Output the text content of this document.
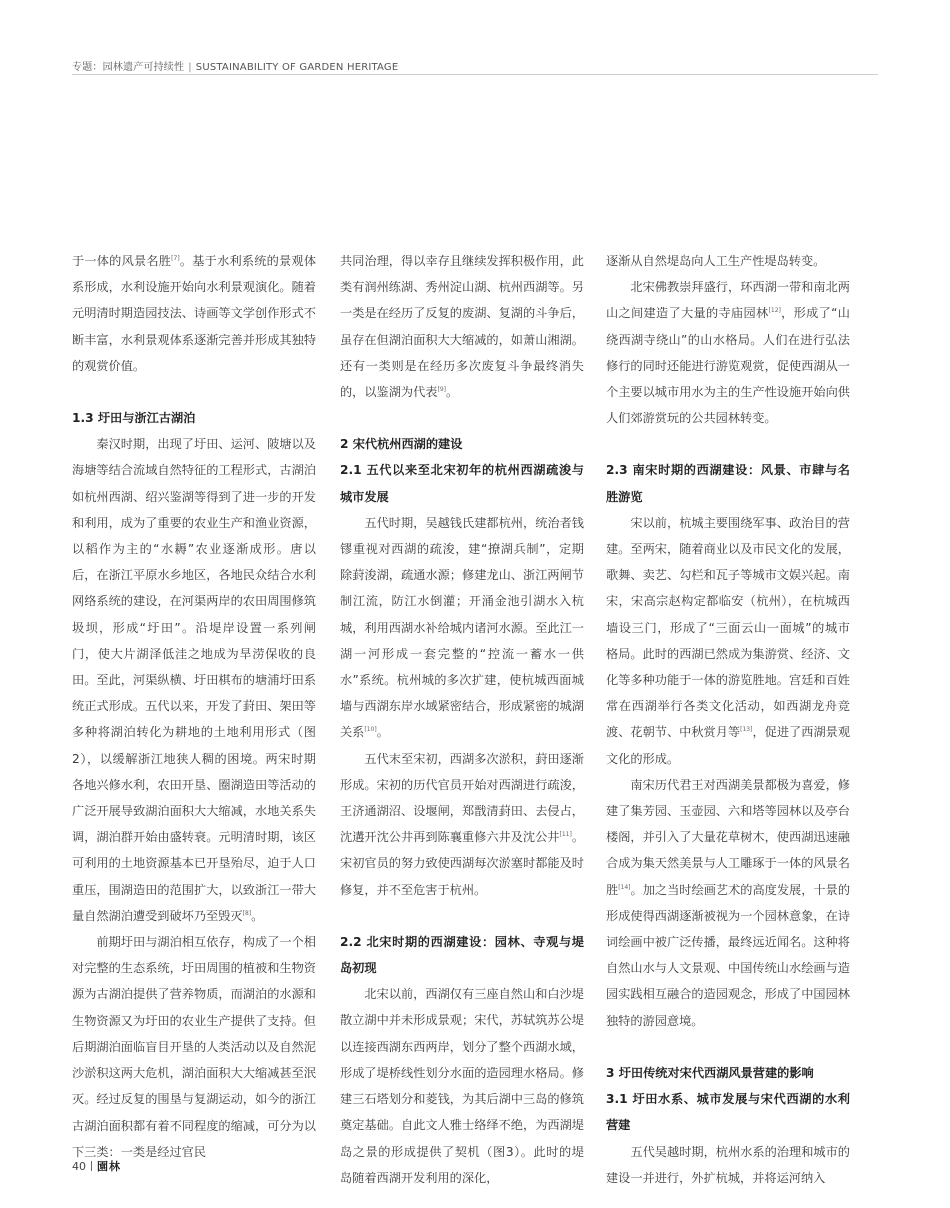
专题：园林遗产可持续性 | SUSTAINABILITY OF GARDEN HERITAGE

于一体的风景名胜[7]。基于水利系统的景观体系形成，水利设施开始向水利景观演化。随着元明清时期造园技法、诗画等文学创作形式不断丰富，水利景观体系逐渐完善并形成其独特的观赏价值。

1.3 圩田与浙江古湖泊

秦汉时期，出现了圩田、运河、陂塘以及海塘等结合流域自然特征的工程形式，古湖泊如杭州西湖、绍兴鉴湖等得到了进一步的开发和利用，成为了重要的农业生产和渔业资源，以稻作为主的“水耨”农业逐渐成形。唐以后，在浙江平原水乡地区，各地民众结合水利网络系统的建设，在河渠两岸的农田周围修筑圾坝，形成“圩田”。沿堤岸设置一系列闸门，使大片湖泽低洼之地成为旱涝保收的良田。至此，河渠纵横、圩田棋布的塘浦圩田系统正式形成。五代以来，开发了葑田、架田等多种将湖泊转化为耕地的土地利用形式（图2），以缓解浙江地狭人稠的困境。两宋时期各地兴修水利，农田开垦、圈湖造田等活动的广泛开展导致湖泊面积大大缩减，水地关系失调，湖泊群开始由盛转衰。元明清时期，该区可利用的土地资源基本已开垦殆尽，迫于人口重压，围湖造田的范围扩大，以致浙江一带大量自然湖泊遭受到破坏乃至毁灭[8]。

前期圩田与湖泊相互依存，构成了一个相对完整的生态系统，圩田周围的植被和生物资源为古湖泊提供了营养物质，而湖泊的水源和生物资源又为圩田的农业生产提供了支持。但后期湖泊面临盲目开垦的人类活动以及自然泥沙淤积这两大危机，湖泊面积大大缩减甚至泯灭。经过反复的围垦与复湖运动，如今的浙江古湖泊面积都有着不同程度的缩减，可分为以下三类：一类是经过官民

共同治理，得以幸存且继续发挥积极作用，此类有润州练湖、秀州淀山湖、杭州西湖等。另一类是在经历了反复的废湖、复湖的斗争后，虽存在但湖泊面积大大缩减的，如萧山湘湖。还有一类则是在经历多次废复斗争最终消失的，以鉴湖为代表[9]。

2 宋代杭州西湖的建设
2.1 五代以来至北宋初年的杭州西湖疏浚与城市发展

五代时期，吴越钱氏建都杭州，统治者钱镠重视对西湖的疏浚，建“撩湖兵制”，定期除葑浚湖，疏通水源；修建龙山、浙江两闸节制江流，防江水倒灌；开涌金池引湖水入杭城，利用西湖水补给城内诸河水源。至此江一湖一河形成一套完整的“控流一蓄水一供水”系统。杭州城的多次扩建，使杭城西面城墙与西湖东岸水域紧密结合，形成紧密的城湖关系[10]。

五代末至宋初，西湖多次淤积，葑田逐渐形成。宋初的历代官员开始对西湖进行疏浚，王济通湖沼、设堰闸，郑戬清葑田、去侵占，沈遘开沈公井再到陈襄重修六井及沈公井[11]。宋初官员的努力致使西湖每次淤塞时都能及时修复，并不至危害于杭州。

2.2 北宋时期的西湖建设：园林、寺观与堤岛初现

北宋以前，西湖仅有三座自然山和白沙堤散立湖中并未形成景观；宋代，苏轼筑苏公堤以连接西湖东西两岸，划分了整个西湖水域，形成了堤桥线性划分水面的造园理水格局。修建三石塔划分和菱钱，为其后湖中三岛的修筑奠定基础。自此文人雅士络绎不绝，为西湖堤岛之景的形成提供了契机（图3）。此时的堤岛随着西湖开发利用的深化，

逐渐从自然堤岛向人工生产性堤岛转变。

北宋佛教崇拜盛行，环西湖一带和南北两山之间建造了大量的寺庙园林[12]，形成了“山绕西湖寺绕山”的山水格局。人们在进行弘法修行的同时还能进行游览观赏，促使西湖从一个主要以城市用水为主的生产性设施开始向供人们郊游赏玩的公共园林转变。

2.3 南宋时期的西湖建设：风景、市肆与名胜游览

宋以前，杭城主要围绕军事、政治目的营建。至两宋，随着商业以及市民文化的发展，歌舞、卖艺、勾栏和瓦子等城市文娱兴起。南宋，宋高宗赵构定都临安（杭州），在杭城西墙设三门，形成了“三面云山一面城”的城市格局。此时的西湖已然成为集游赏、经济、文化等多种功能于一体的游览胜地。宫廷和百姓常在西湖举行各类文化活动，如西湖龙舟竞渡、花朝节、中秋赏月等[13]，促进了西湖景观文化的形成。

南宋历代君王对西湖美景都极为喜爱，修建了集芳园、玉壶园、六和塔等园林以及亭台楼阁，并引入了大量花草树木，使西湖迅速融合成为集天然美景与人工雕琢于一体的风景名胜[14]。加之当时绘画艺术的高度发展，十景的形成使得西湖逐渐被视为一个园林意象，在诗词绘画中被广泛传播，最终远近闻名。这种将自然山水与人文景观、中国传统山水绘画与造园实践相互融合的造园观念，形成了中国园林独特的游园意境。

3 圩田传统对宋代西湖风景营建的影响
3.1 圩田水系、城市发展与宋代西湖的水利营建

五代吴越时期，杭州水系的治理和城市的建设一并进行，外扩杭城，并将运河纳入

40 園林
